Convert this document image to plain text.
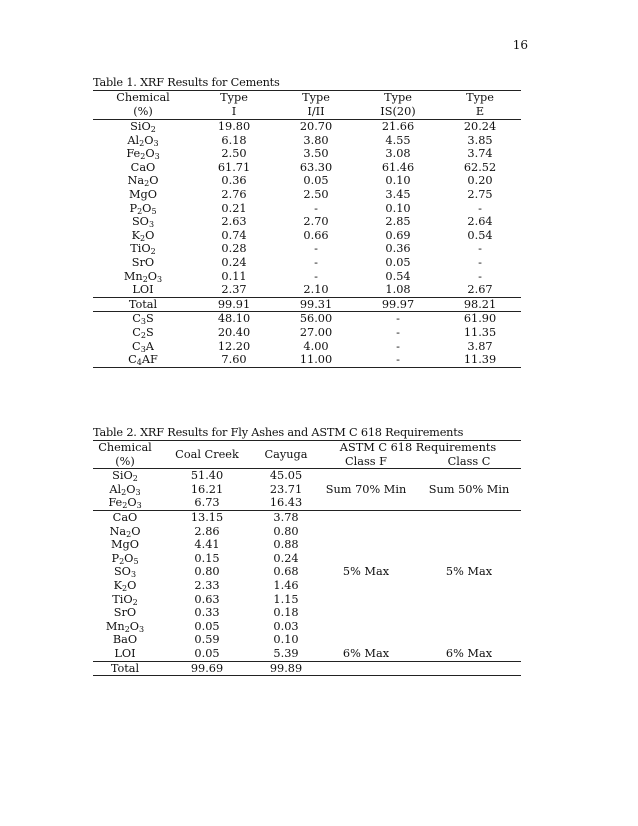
16
Table 1. XRF Results for Cements
Chemical	Type	Type	Type	Type
(%)	I	I/II	IS(20)	E
SiO$_2$	19.80	20.70	21.66	20.24
$Al_2O_3$	6.18	3.80	4.55	3.85
$Fe_2O_3$	2.50	3.50	3.08	3.74
CaO	61.71	63.30	61.46	62.52
$Na_2O$	0.36	0.05	0.10	0.20
MgO	2.76	2.50	3.45	2.75
$P_2O_5$	0.21	-	0.10	-
$SO_3$	2.63	2.70	2.85	2.64
$K_2O$	0.74	0.66	0.69	0.54
TiO$_2$	0.28	-	0.36	-
SrO	0.24	-	0.05	-
$Mn_2O_3$	0.11	-	0.54	-
LOI	2.37	2.10	1.08	2.67
Total	99.91	99.31	99.97	98.21
$C_3S$	48.10	56.00	-	61.90
$C_2S$	20.40	27.00	-	11.35
$C_3A$	12.20	4.00	-	3.87
$C_4AF$	7.60	11.00	-	11.39
Table 2. XRF Results for Fly Ashes and ASTM C 618 Requirements
Chemical	Coal Creek	Cayuga	ASTM C 618 Requirements	
(%)			Class F	Class C
SiO$_2$	51.40	45.05	Sum 70% Min	Sum 50% Min
$Al_2O_3$	16.21	23.71		
$Fe_2O_3$	6.73	16.43		
CaO	13.15	3.78		
$Na_2O$	2.86	0.80		
MgO	4.41	0.88		
$P_2O_5$	0.15	0.24		
$SO_3$	0.80	0.68	5% Max	5% Max
$K_2O$	2.33	1.46		
TiO$_2$	0.63	1.15		
SrO	0.33	0.18		
$Mn_2O_3$	0.05	0.03		
BaO	0.59	0.10		
LOI	0.05	5.39	6% Max	6% Max
Total	99.69	99.89		
